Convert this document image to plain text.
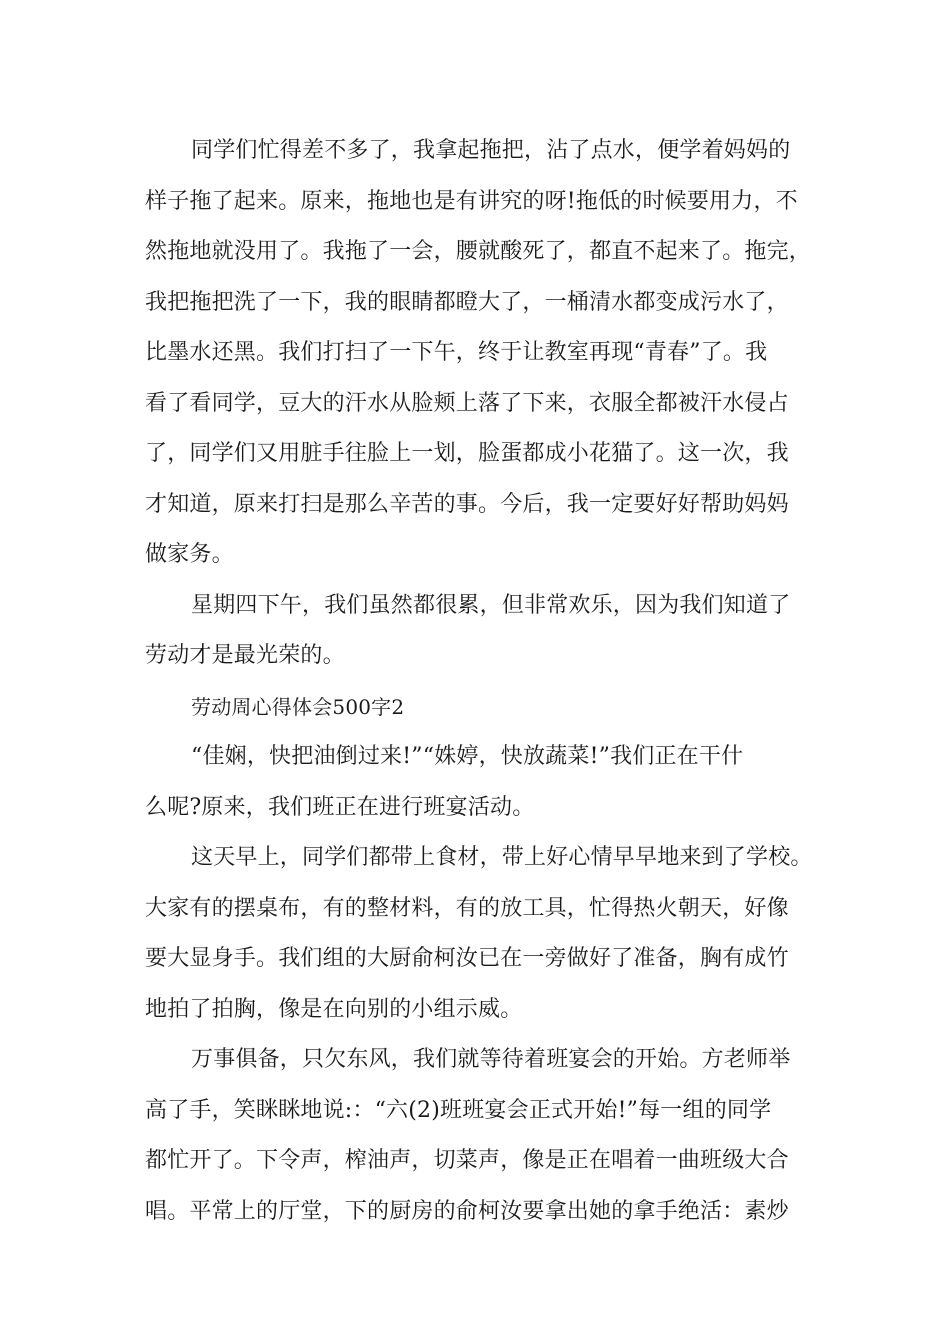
同学们忙得差不多了，我拿起拖把，沾了点水，便学着妈妈的
样子拖了起来。原来，拖地也是有讲究的呀!拖低的时候要用力，不
然拖地就没用了。我拖了一会，腰就酸死了，都直不起来了。拖完，
我把拖把洗了一下，我的眼睛都瞪大了，一桶清水都变成污水了，
比墨水还黑。我们打扫了一下午，终于让教室再现“青春”了。我
看了看同学，豆大的汗水从脸颊上落了下来，衣服全都被汗水侵占
了，同学们又用脏手往脸上一划，脸蛋都成小花猫了。这一次，我
才知道，原来打扫是那么辛苦的事。今后，我一定要好好帮助妈妈
做家务。
星期四下午，我们虽然都很累，但非常欢乐，因为我们知道了
劳动才是最光荣的。
劳动周心得体会500字2
“佳娴，快把油倒过来!”“姝婷，快放蔬菜!”我们正在干什
么呢?原来，我们班正在进行班宴活动。
这天早上，同学们都带上食材，带上好心情早早地来到了学校。
大家有的摆桌布，有的整材料，有的放工具，忙得热火朝天，好像
要大显身手。我们组的大厨俞柯汝已在一旁做好了准备，胸有成竹
地拍了拍胸，像是在向别的小组示威。
万事俱备，只欠东风，我们就等待着班宴会的开始。方老师举
高了手，笑眯眯地说:：“六(2)班班宴会正式开始!”每一组的同学
都忙开了。下令声，榨油声，切菜声，像是正在唱着一曲班级大合
唱。平常上的厅堂，下的厨房的俞柯汝要拿出她的拿手绝活：素炒
